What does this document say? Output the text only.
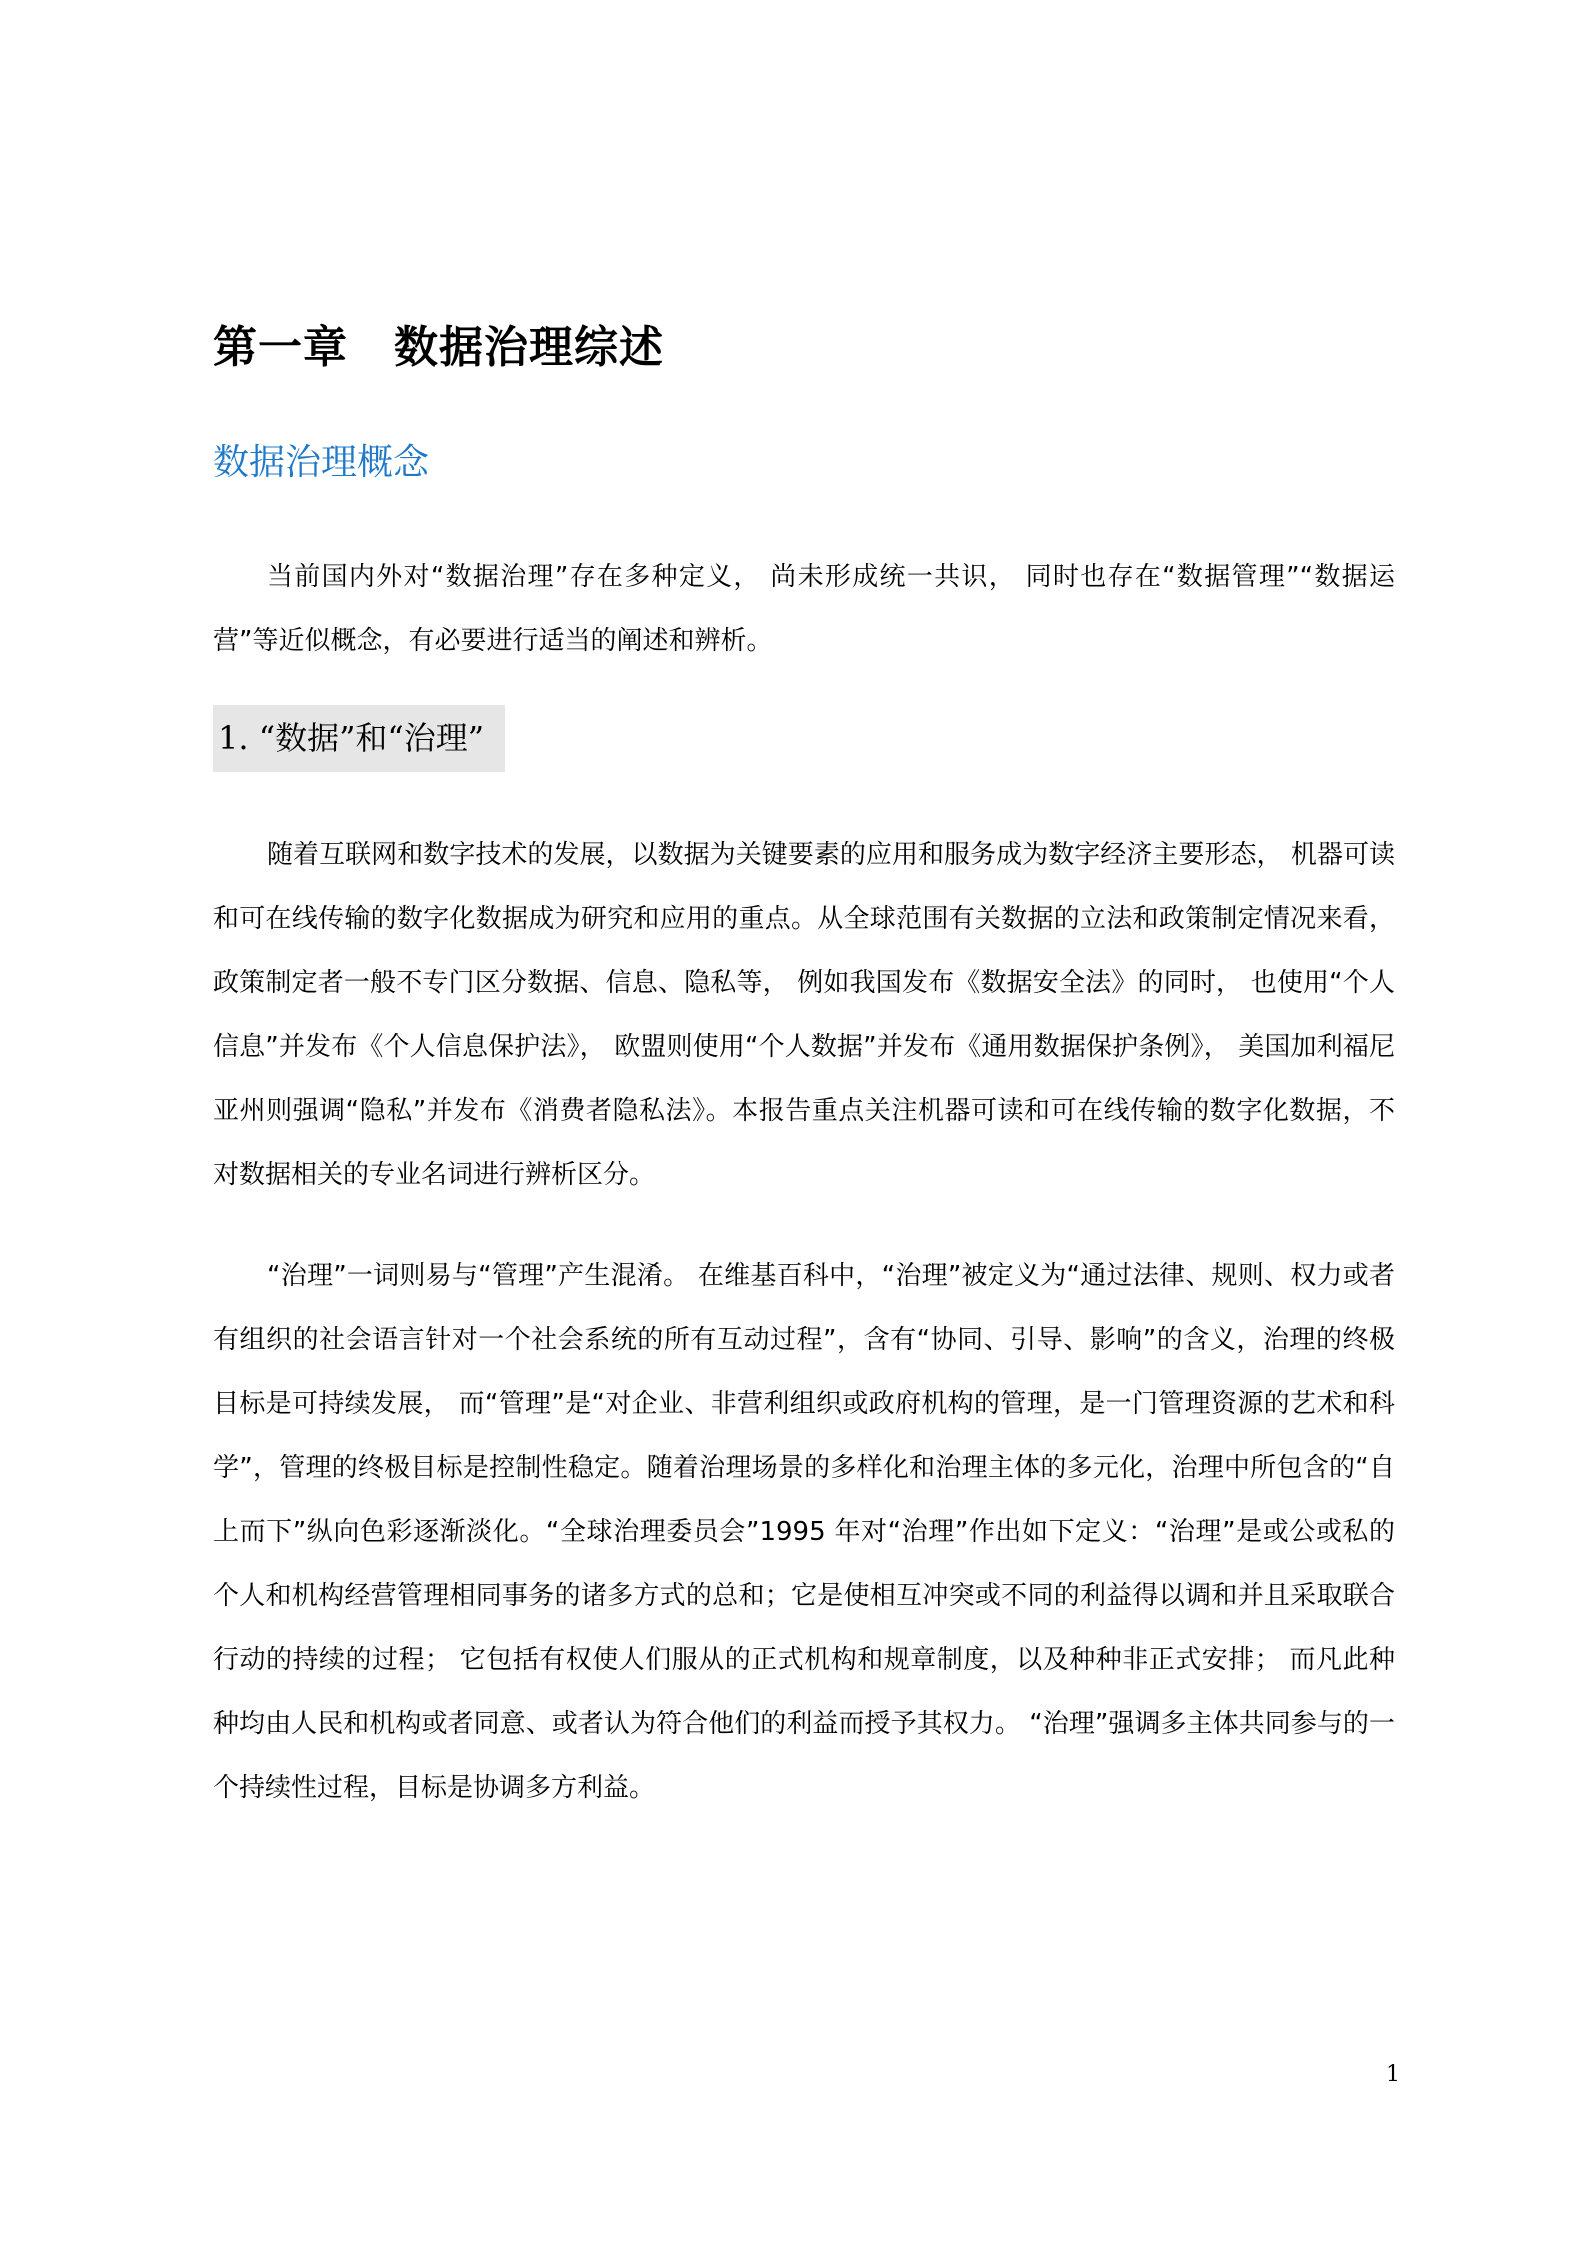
第一章 数据治理综述
数据治理概念

当前国内外对“数据治理”存在多种定义， 尚未形成统一共识， 同时也存在“数据管理”“数据运营”等近似概念，有必要进行适当的阐述和辨析。

1. “数据”和“治理”

随着互联网和数字技术的发展，以数据为关键要素的应用和服务成为数字经济主要形态， 机器可读和可在线传输的数字化数据成为研究和应用的重点。从全球范围有关数据的立法和政策制定情况来看， 政策制定者一般不专门区分数据、信息、隐私等， 例如我国发布《数据安全法》的同时， 也使用“个人信息”并发布《个人信息保护法》， 欧盟则使用“个人数据”并发布《通用数据保护条例》， 美国加利福尼亚州则强调“隐私”并发布《消费者隐私法》。本报告重点关注机器可读和可在线传输的数字化数据，不对数据相关的专业名词进行辨析区分。

“治理”一词则易与“管理”产生混淆。 在维基百科中，“治理”被定义为“通过法律、规则、权力或者有组织的社会语言针对一个社会系统的所有互动过程”，含有“协同、引导、影响”的含义，治理的终极目标是可持续发展， 而“管理”是“对企业、非营利组织或政府机构的管理，是一门管理资源的艺术和科学”，管理的终极目标是控制性稳定。随着治理场景的多样化和治理主体的多元化，治理中所包含的“自上而下”纵向色彩逐渐淡化。“全球治理委员会”1995 年对“治理”作出如下定义：“治理”是或公或私的个人和机构经营管理相同事务的诸多方式的总和；它是使相互冲突或不同的利益得以调和并且采取联合行动的持续的过程； 它包括有权使人们服从的正式机构和规章制度，以及种种非正式安排； 而凡此种种均由人民和机构或者同意、或者认为符合他们的利益而授予其权力。 “治理”强调多主体共同参与的一个持续性过程，目标是协调多方利益。

1
